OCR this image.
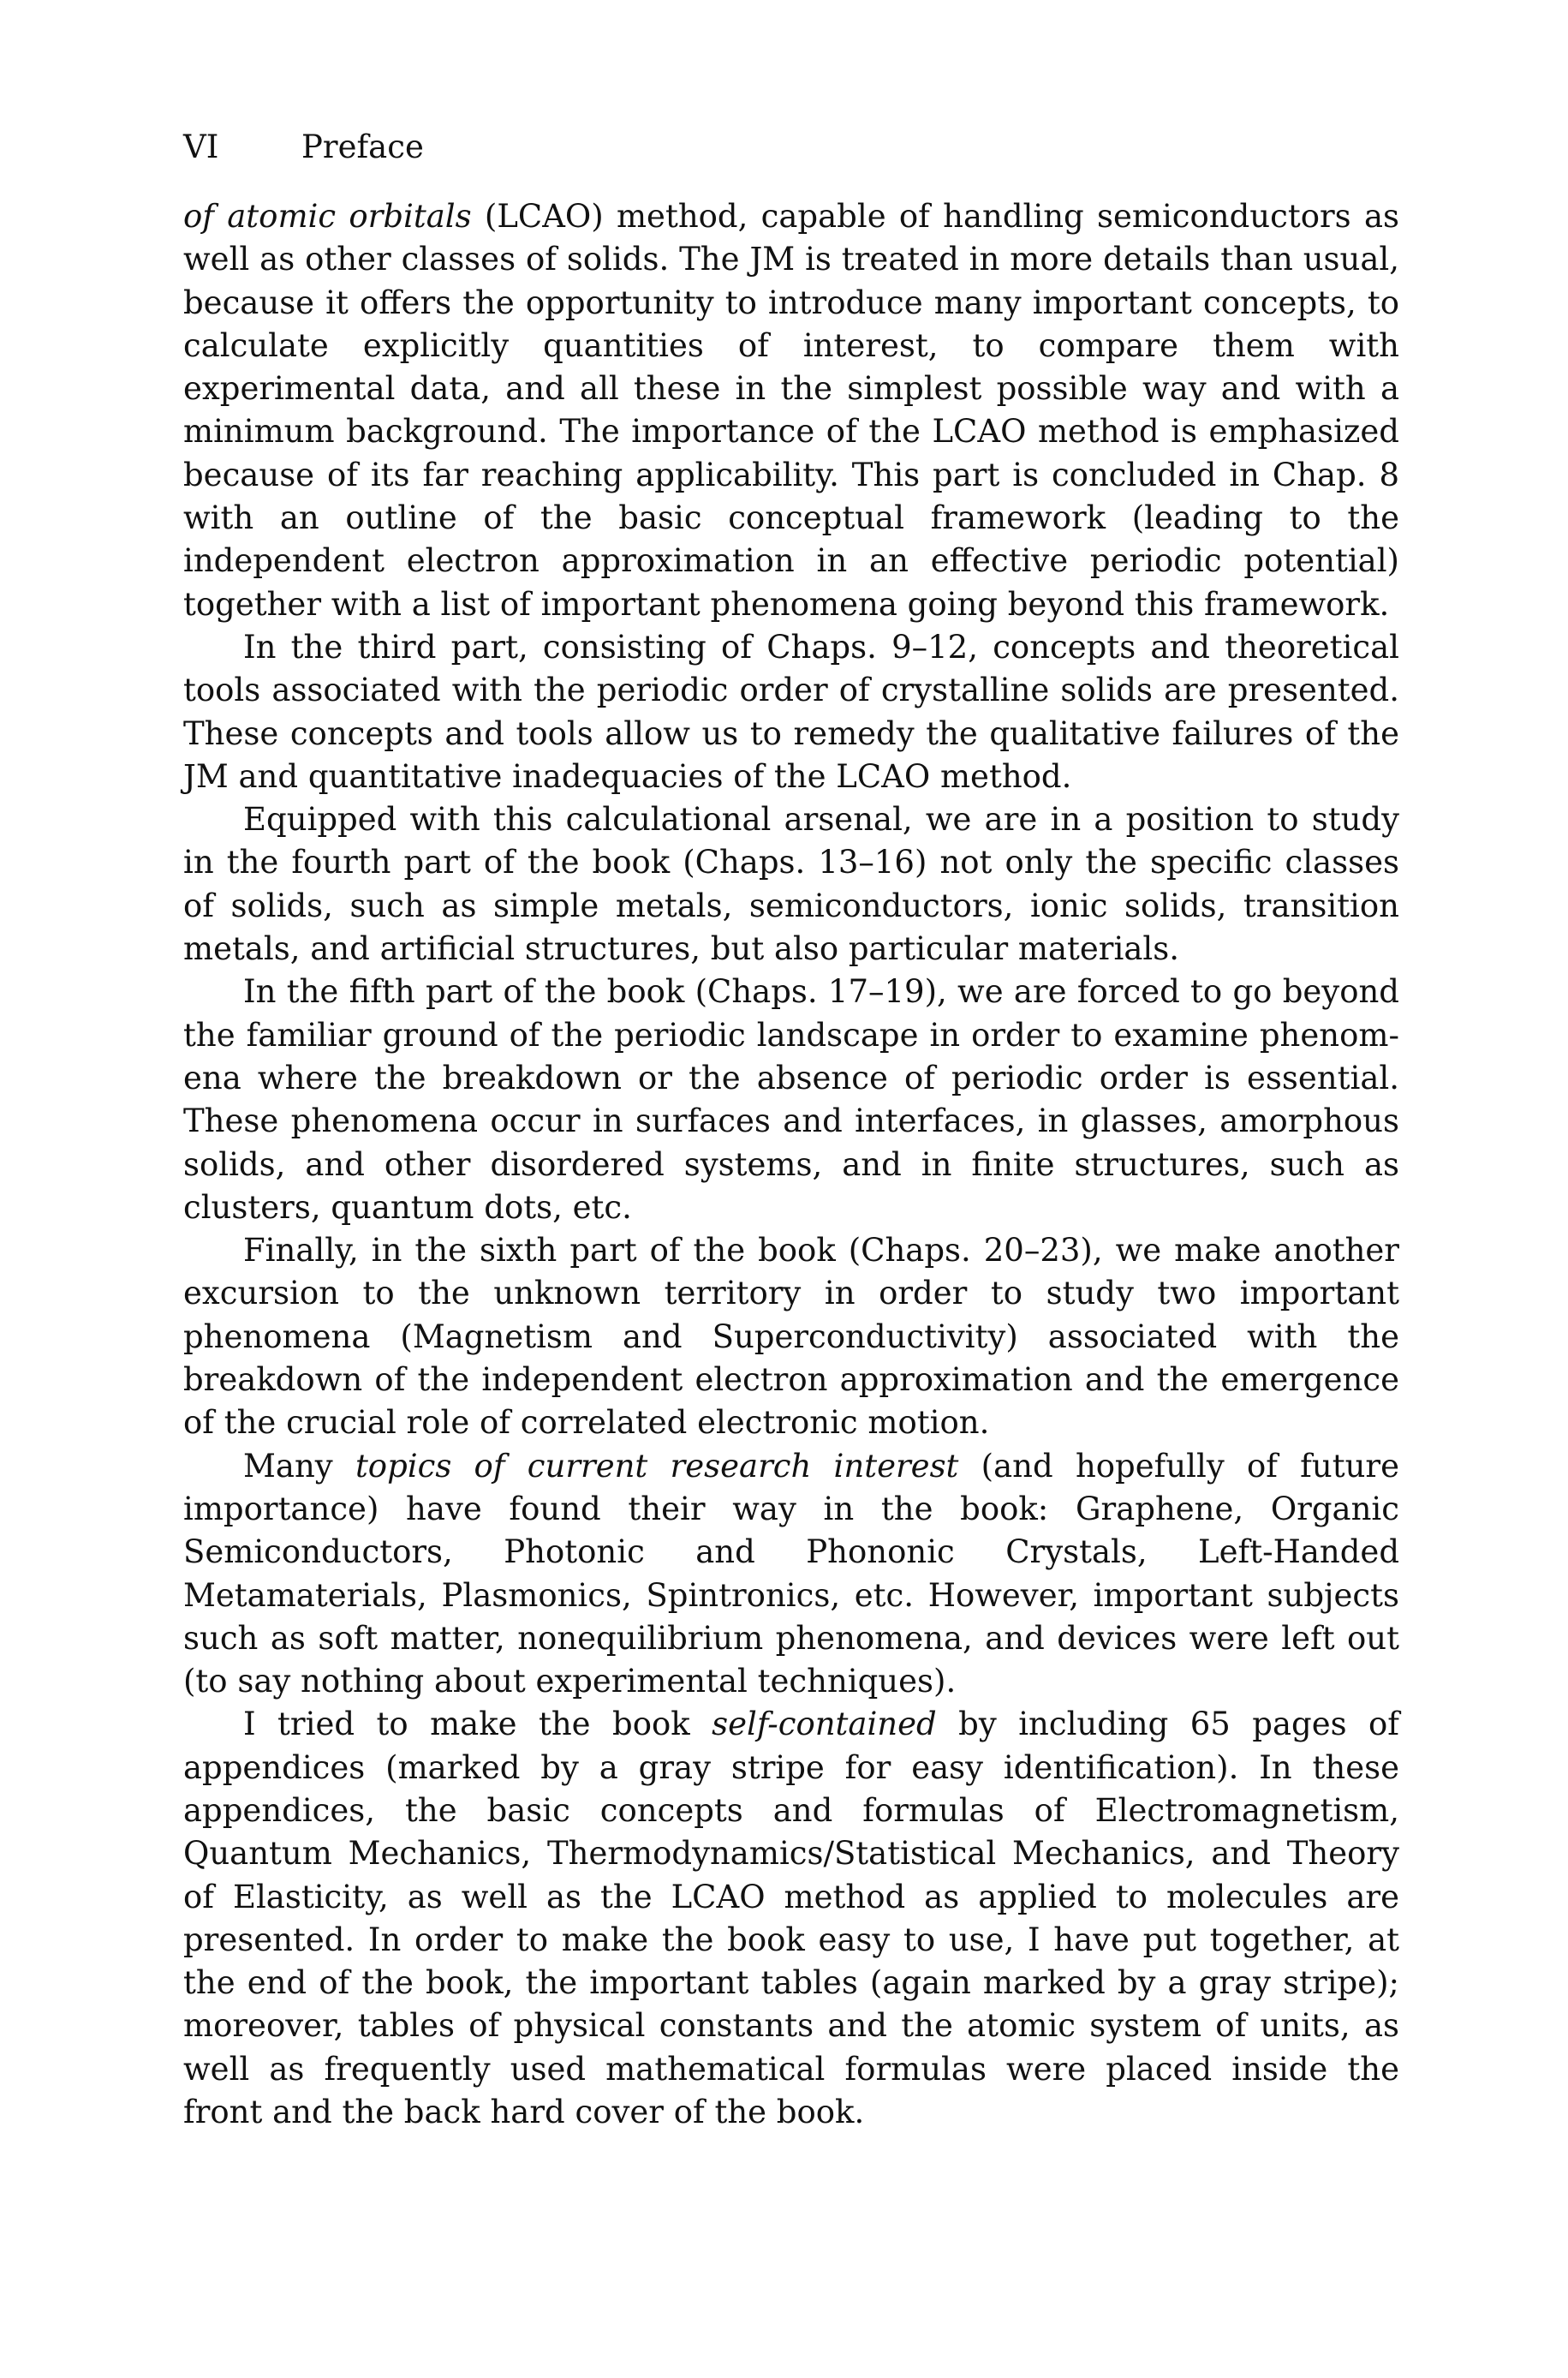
VI	Preface

of atomic orbitals (LCAO) method, capable of handling semiconductors as well as other classes of solids. The JM is treated in more details than usual, because it offers the opportunity to introduce many important concepts, to calculate explicitly quantities of interest, to compare them with experimental data, and all these in the simplest possible way and with a minimum background. The importance of the LCAO method is emphasized because of its far reaching applicability. This part is concluded in Chap. 8 with an outline of the basic conceptual framework (leading to the independent electron approximation in an effective periodic potential) together with a list of important phenomena going beyond this framework.

In the third part, consisting of Chaps. 9–12, concepts and theoretical tools associated with the periodic order of crystalline solids are presented. These concepts and tools allow us to remedy the qualitative failures of the JM and quantitative inadequacies of the LCAO method.

Equipped with this calculational arsenal, we are in a position to study in the fourth part of the book (Chaps. 13–16) not only the specific classes of solids, such as simple metals, semiconductors, ionic solids, transition metals, and artificial structures, but also particular materials.

In the fifth part of the book (Chaps. 17–19), we are forced to go beyond the familiar ground of the periodic landscape in order to examine phenomena where the breakdown or the absence of periodic order is essential. These phenomena occur in surfaces and interfaces, in glasses, amorphous solids, and other disordered systems, and in finite structures, such as clusters, quantum dots, etc.

Finally, in the sixth part of the book (Chaps. 20–23), we make another excursion to the unknown territory in order to study two important phenomena (Magnetism and Superconductivity) associated with the breakdown of the independent electron approximation and the emergence of the crucial role of correlated electronic motion.

Many topics of current research interest (and hopefully of future importance) have found their way in the book: Graphene, Organic Semiconductors, Photonic and Phononic Crystals, Left-Handed Metamaterials, Plasmonics, Spintronics, etc. However, important subjects such as soft matter, nonequilibrium phenomena, and devices were left out (to say nothing about experimental techniques).

I tried to make the book self-contained by including 65 pages of appendices (marked by a gray stripe for easy identification). In these appendices, the basic concepts and formulas of Electromagnetism, Quantum Mechanics, Thermodynamics/Statistical Mechanics, and Theory of Elasticity, as well as the LCAO method as applied to molecules are presented. In order to make the book easy to use, I have put together, at the end of the book, the important tables (again marked by a gray stripe); moreover, tables of physical constants and the atomic system of units, as well as frequently used mathematical formulas were placed inside the front and the back hard cover of the book.
